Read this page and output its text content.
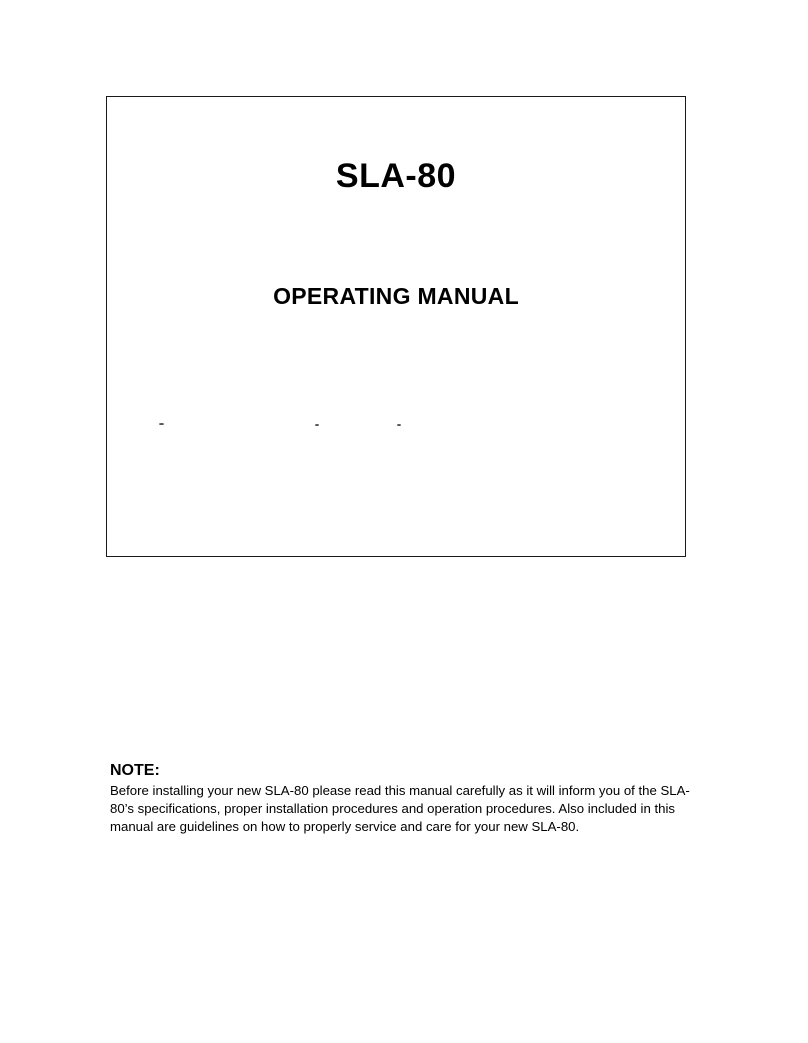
SLA-80
OPERATING MANUAL

NOTE:

Before installing your new SLA-80 please read this manual carefully as it will inform you of the SLA-80’s specifications, proper installation procedures and operation procedures. Also included in this manual are guidelines on how to properly service and care for your new SLA-80.
